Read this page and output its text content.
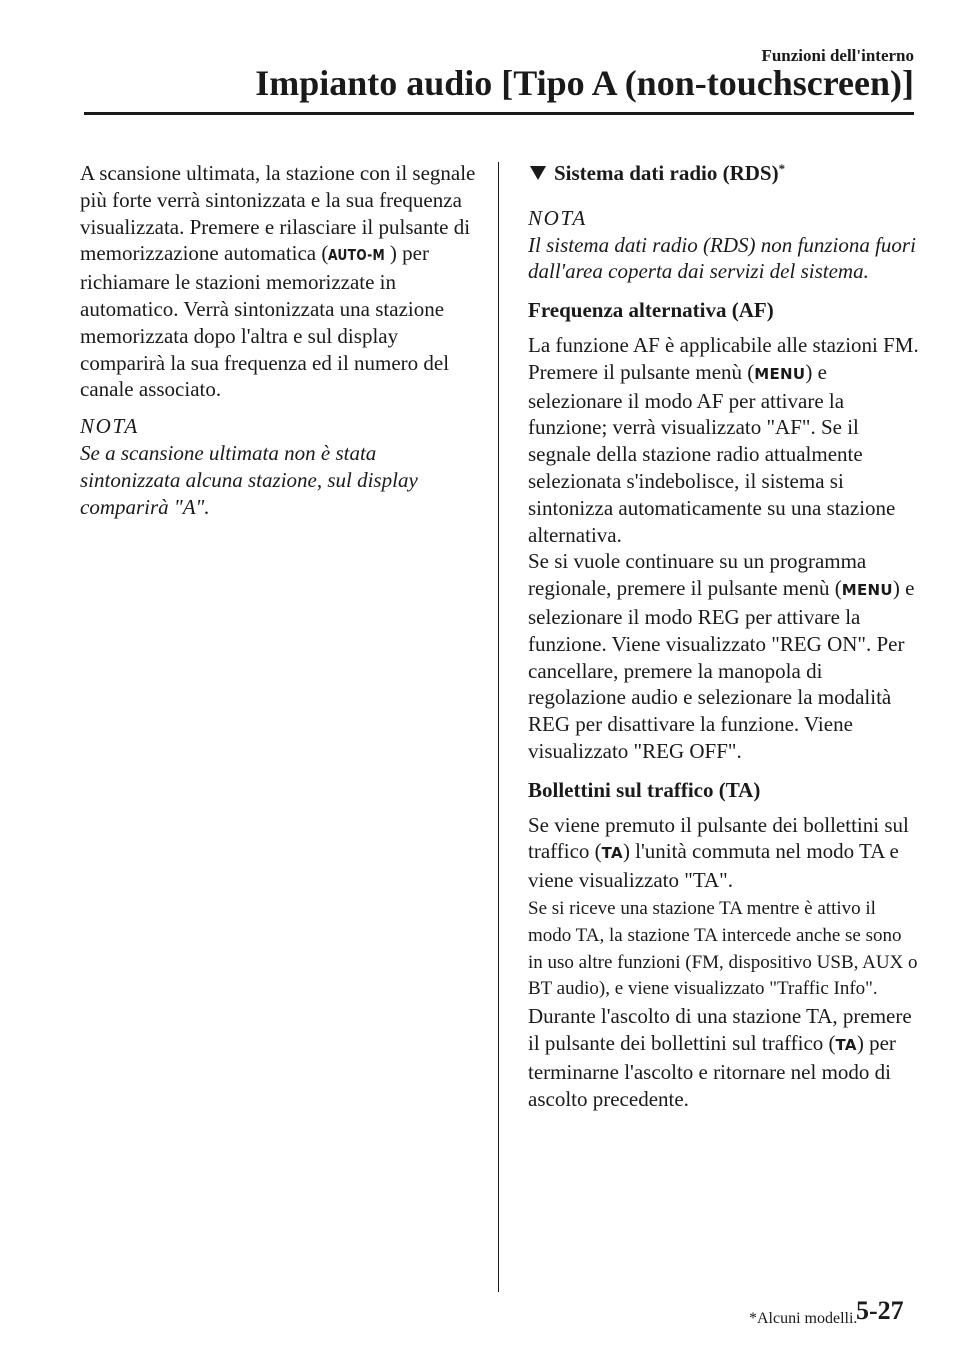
Funzioni dell'interno
Impianto audio [Tipo A (non-touchscreen)]

A scansione ultimata, la stazione con il segnale più forte verrà sintonizzata e la sua frequenza visualizzata. Premere e rilasciare il pulsante di memorizzazione automatica (AUTO-M ) per richiamare le stazioni memorizzate in automatico. Verrà sintonizzata una stazione memorizzata dopo l'altra e sul display comparirà la sua frequenza ed il numero del canale associato.

NOTA

Se a scansione ultimata non è stata sintonizzata alcuna stazione, sul display comparirà "A".

Sistema dati radio (RDS)*
NOTA

Il sistema dati radio (RDS) non funziona fuori dall'area coperta dai servizi del sistema.

Frequenza alternativa (AF)

La funzione AF è applicabile alle stazioni FM. Premere il pulsante menù (MENU) e selezionare il modo AF per attivare la funzione; verrà visualizzato "AF". Se il segnale della stazione radio attualmente selezionata s'indebolisce, il sistema si sintonizza automaticamente su una stazione alternativa.

Se si vuole continuare su un programma regionale, premere il pulsante menù (MENU) e selezionare il modo REG per attivare la funzione. Viene visualizzato "REG ON". Per cancellare, premere la manopola di regolazione audio e selezionare la modalità REG per disattivare la funzione. Viene visualizzato "REG OFF".

Bollettini sul traffico (TA)

Se viene premuto il pulsante dei bollettini sul traffico (TA) l'unità commuta nel modo TA e viene visualizzato "TA".

Se si riceve una stazione TA mentre è attivo il modo TA, la stazione TA intercede anche se sono in uso altre funzioni (FM, dispositivo USB, AUX o BT audio), e viene visualizzato "Traffic Info".

Durante l'ascolto di una stazione TA, premere il pulsante dei bollettini sul traffico (TA) per terminarne l'ascolto e ritornare nel modo di ascolto precedente.

*Alcuni modelli.
5-27
